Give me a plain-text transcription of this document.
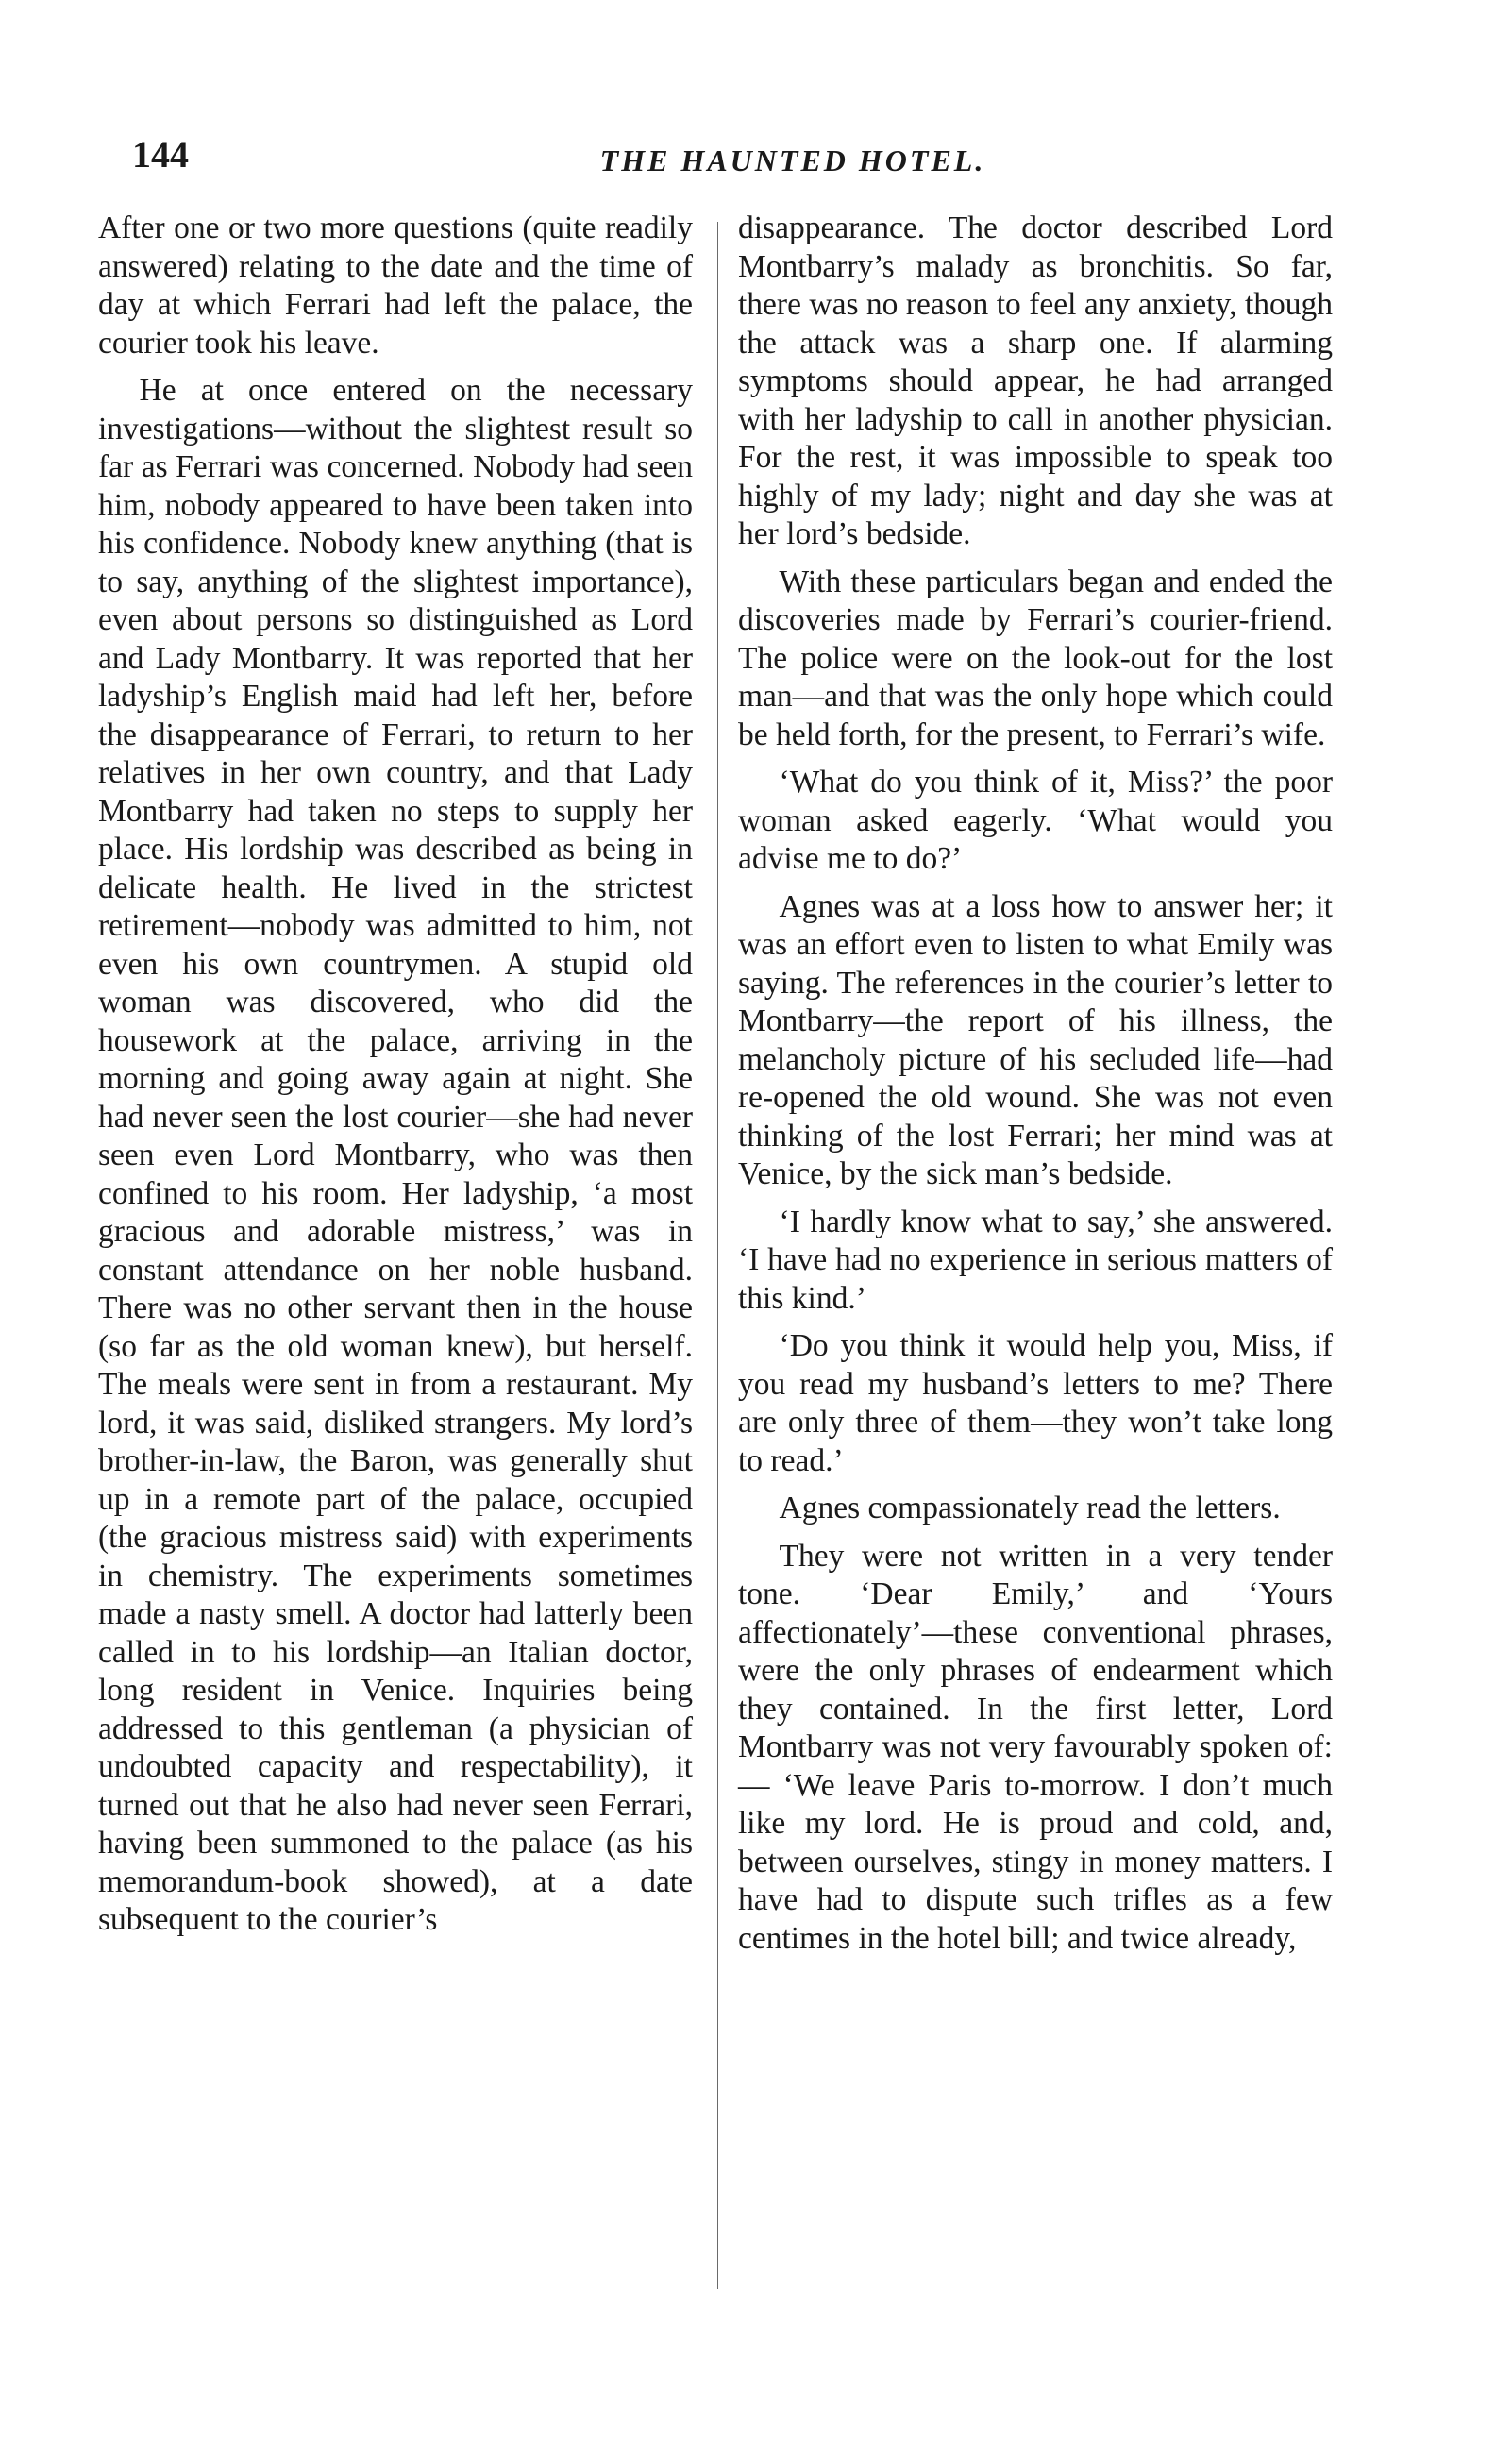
144	THE HAUNTED HOTEL.

After one or two more questions (quite readily answered) relating to the date and the time of day at which Ferrari had left the palace, the courier took his leave.

He at once entered on the necessary investigations—without the slightest result so far as Ferrari was concerned. Nobody had seen him, nobody appeared to have been taken into his confidence. Nobody knew anything (that is to say, anything of the slightest importance), even about persons so distinguished as Lord and Lady Montbarry. It was reported that her ladyship’s English maid had left her, before the disappearance of Ferrari, to return to her relatives in her own country, and that Lady Montbarry had taken no steps to supply her place. His lordship was described as being in delicate health. He lived in the strictest retirement—nobody was admitted to him, not even his own countrymen. A stupid old woman was discovered, who did the housework at the palace, arriving in the morning and going away again at night. She had never seen the lost courier—she had never seen even Lord Montbarry, who was then confined to his room. Her ladyship, ‘a most gracious and adorable mistress,’ was in constant attendance on her noble husband. There was no other servant then in the house (so far as the old woman knew), but herself. The meals were sent in from a restaurant. My lord, it was said, disliked strangers. My lord’s brother-in-law, the Baron, was generally shut up in a remote part of the palace, occupied (the gracious mistress said) with experiments in chemistry. The experiments sometimes made a nasty smell. A doctor had latterly been called in to his lordship—an Italian doctor, long resident in Venice. Inquiries being addressed to this gentleman (a physician of undoubted capacity and respectability), it turned out that he also had never seen Ferrari, having been summoned to the palace (as his memorandum-book showed), at a date subsequent to the courier’s

disappearance. The doctor described Lord Montbarry’s malady as bronchitis. So far, there was no reason to feel any anxiety, though the attack was a sharp one. If alarming symptoms should appear, he had arranged with her ladyship to call in another physician. For the rest, it was impossible to speak too highly of my lady; night and day she was at her lord’s bedside.

With these particulars began and ended the discoveries made by Ferrari’s courier-friend. The police were on the look-out for the lost man—and that was the only hope which could be held forth, for the present, to Ferrari’s wife.

‘What do you think of it, Miss?’ the poor woman asked eagerly. ‘What would you advise me to do?’

Agnes was at a loss how to answer her; it was an effort even to listen to what Emily was saying. The references in the courier’s letter to Montbarry—the report of his illness, the melancholy picture of his secluded life—had re-opened the old wound. She was not even thinking of the lost Ferrari; her mind was at Venice, by the sick man’s bedside.

‘I hardly know what to say,’ she answered. ‘I have had no experience in serious matters of this kind.’

‘Do you think it would help you, Miss, if you read my husband’s letters to me? There are only three of them—they won’t take long to read.’

Agnes compassionately read the letters.

They were not written in a very tender tone. ‘Dear Emily,’ and ‘Yours affectionately’—these conventional phrases, were the only phrases of endearment which they contained. In the first letter, Lord Montbarry was not very favourably spoken of:— ‘We leave Paris to-morrow. I don’t much like my lord. He is proud and cold, and, between ourselves, stingy in money matters. I have had to dispute such trifles as a few centimes in the hotel bill; and twice already,
